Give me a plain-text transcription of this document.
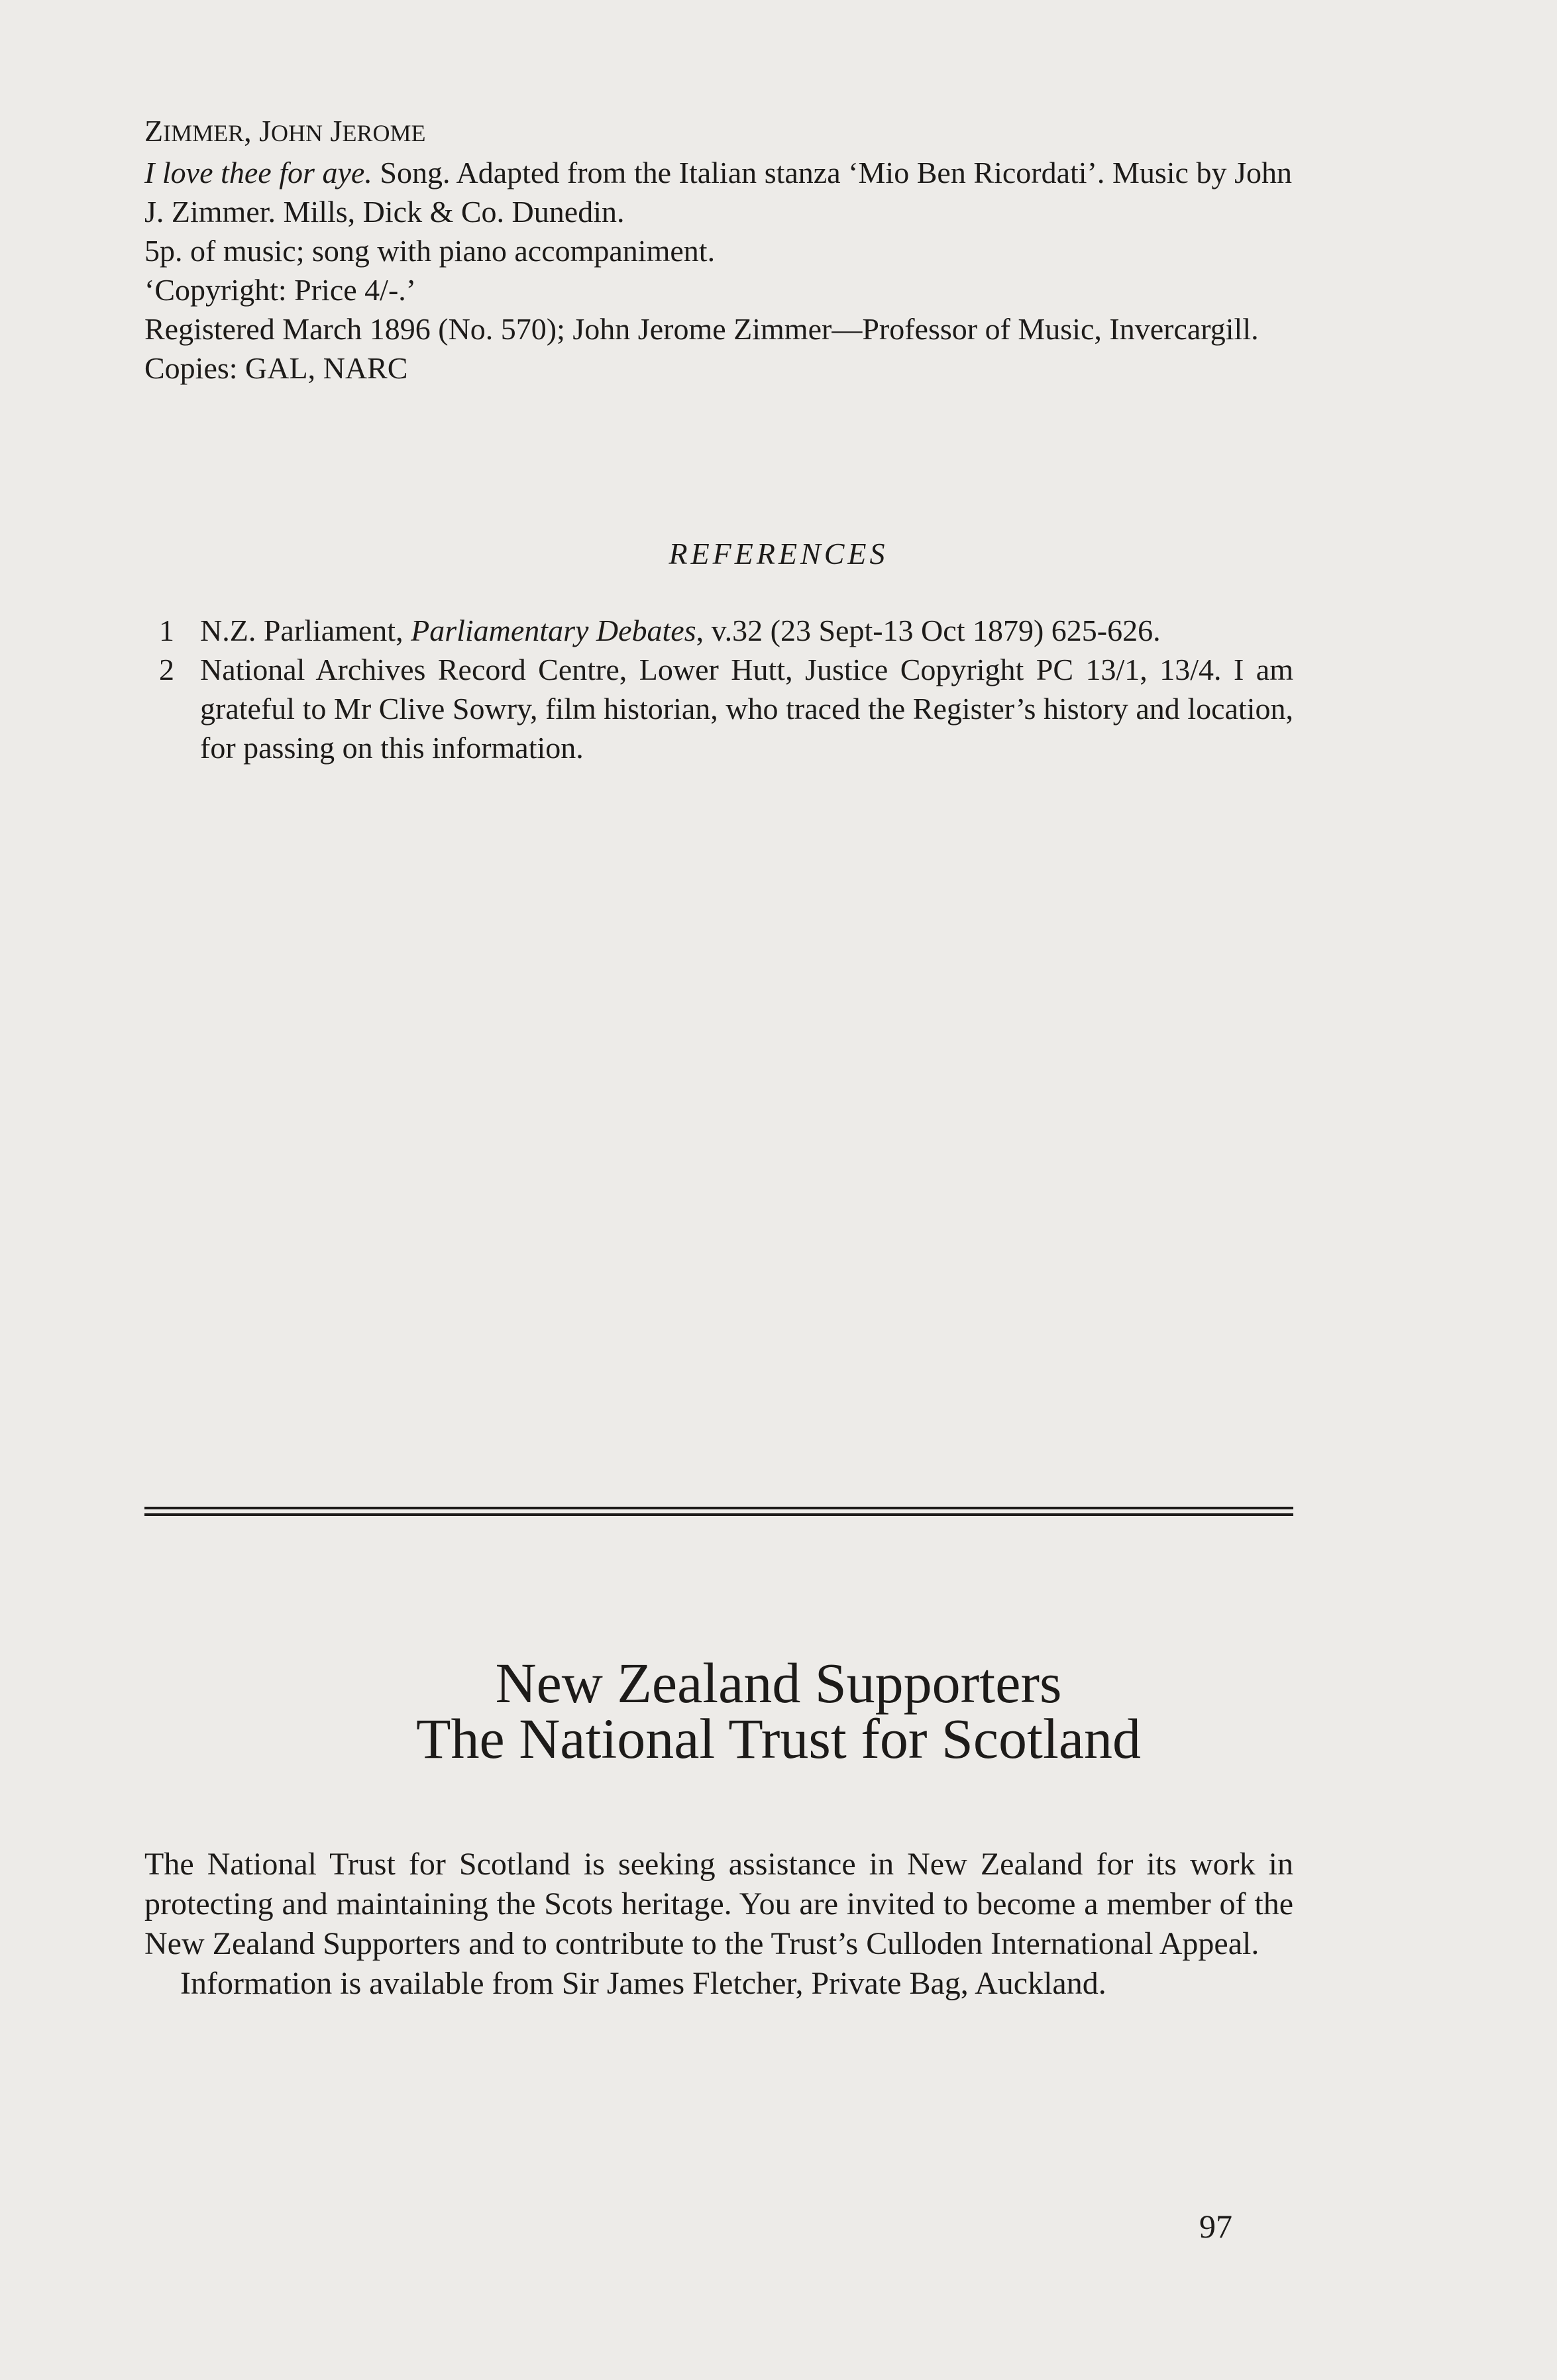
ZIMMER, JOHN JEROME

I love thee for aye. Song. Adapted from the Italian stanza ‘Mio Ben Ricordati’. Music by John J. Zimmer. Mills, Dick & Co. Dunedin.

5p. of music; song with piano accompaniment.

‘Copyright: Price 4/-.’

Registered March 1896 (No. 570); John Jerome Zimmer—Professor of Music, Invercargill.

Copies: GAL, NARC

REFERENCES
1 N.Z. Parliament, Parliamentary Debates, v.32 (23 Sept-13 Oct 1879) 625-626.
2 National Archives Record Centre, Lower Hutt, Justice Copyright PC 13/1, 13/4. I am grateful to Mr Clive Sowry, film historian, who traced the Register’s history and location, for passing on this information.
New Zealand Supporters
The National Trust for Scotland

The National Trust for Scotland is seeking assistance in New Zealand for its work in protecting and maintaining the Scots heritage. You are invited to become a member of the New Zealand Supporters and to contribute to the Trust’s Culloden International Appeal.

Information is available from Sir James Fletcher, Private Bag, Auckland.

97
